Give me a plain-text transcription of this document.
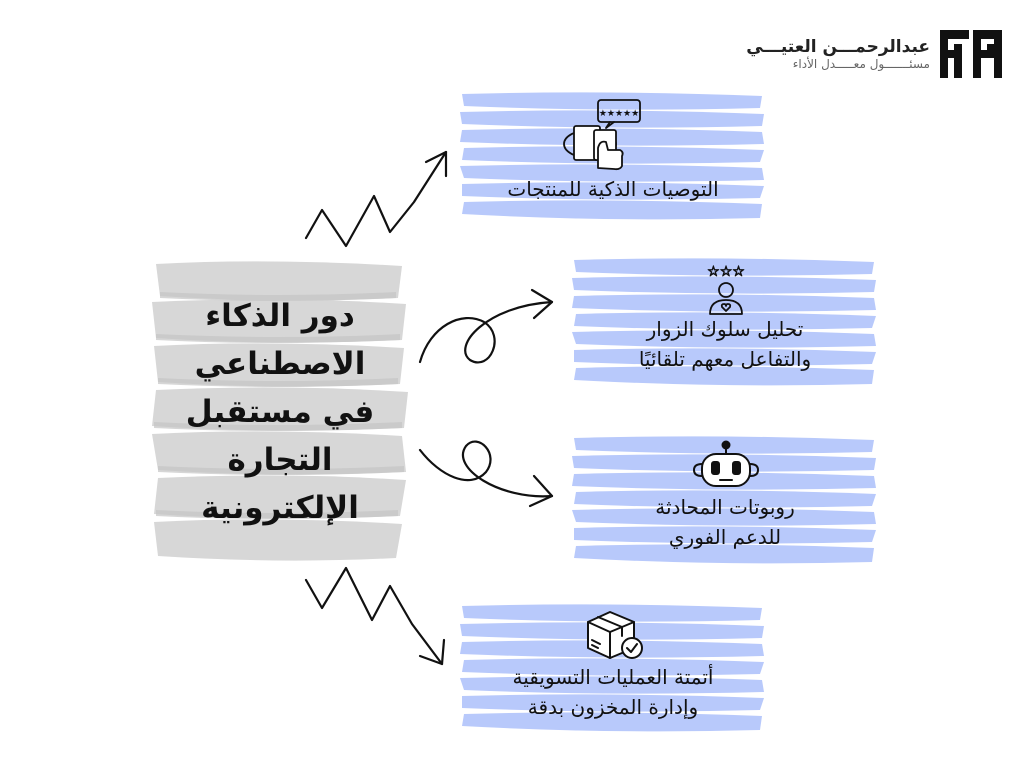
عبدالرحمـــن العتيـــي
مسئـــــــول معـــــدل الأداء
دور الذكاء
الاصطناعي
في مستقبل
التجارة
الإلكترونية
★★★★★
التوصيات الذكية للمنتجات
☆☆☆
تحليل سلوك الزوار
والتفاعل معهم تلقائيًا
روبوتات المحادثة
للدعم الفوري
أتمتة العمليات التسويقية
وإدارة المخزون بدقة
